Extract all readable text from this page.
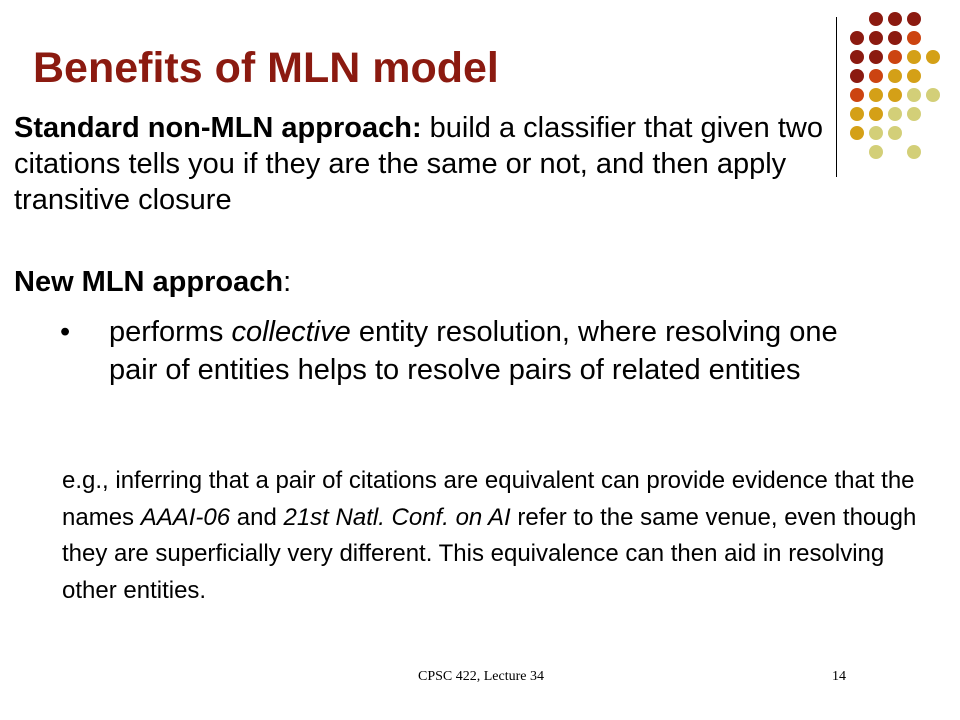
Benefits of MLN model
Standard non-MLN approach: build a classifier that given two citations tells you if they are the same or not, and then apply transitive closure
New MLN approach:
• performs collective entity resolution, where resolving one pair of entities helps to resolve pairs of related entities
e.g., inferring that a pair of citations are equivalent can provide evidence that the names AAAI-06 and 21st Natl. Conf. on AI refer to the same venue, even though they are superficially very different. This equivalence can then aid in resolving other entities.
CPSC 422, Lecture 34	14
